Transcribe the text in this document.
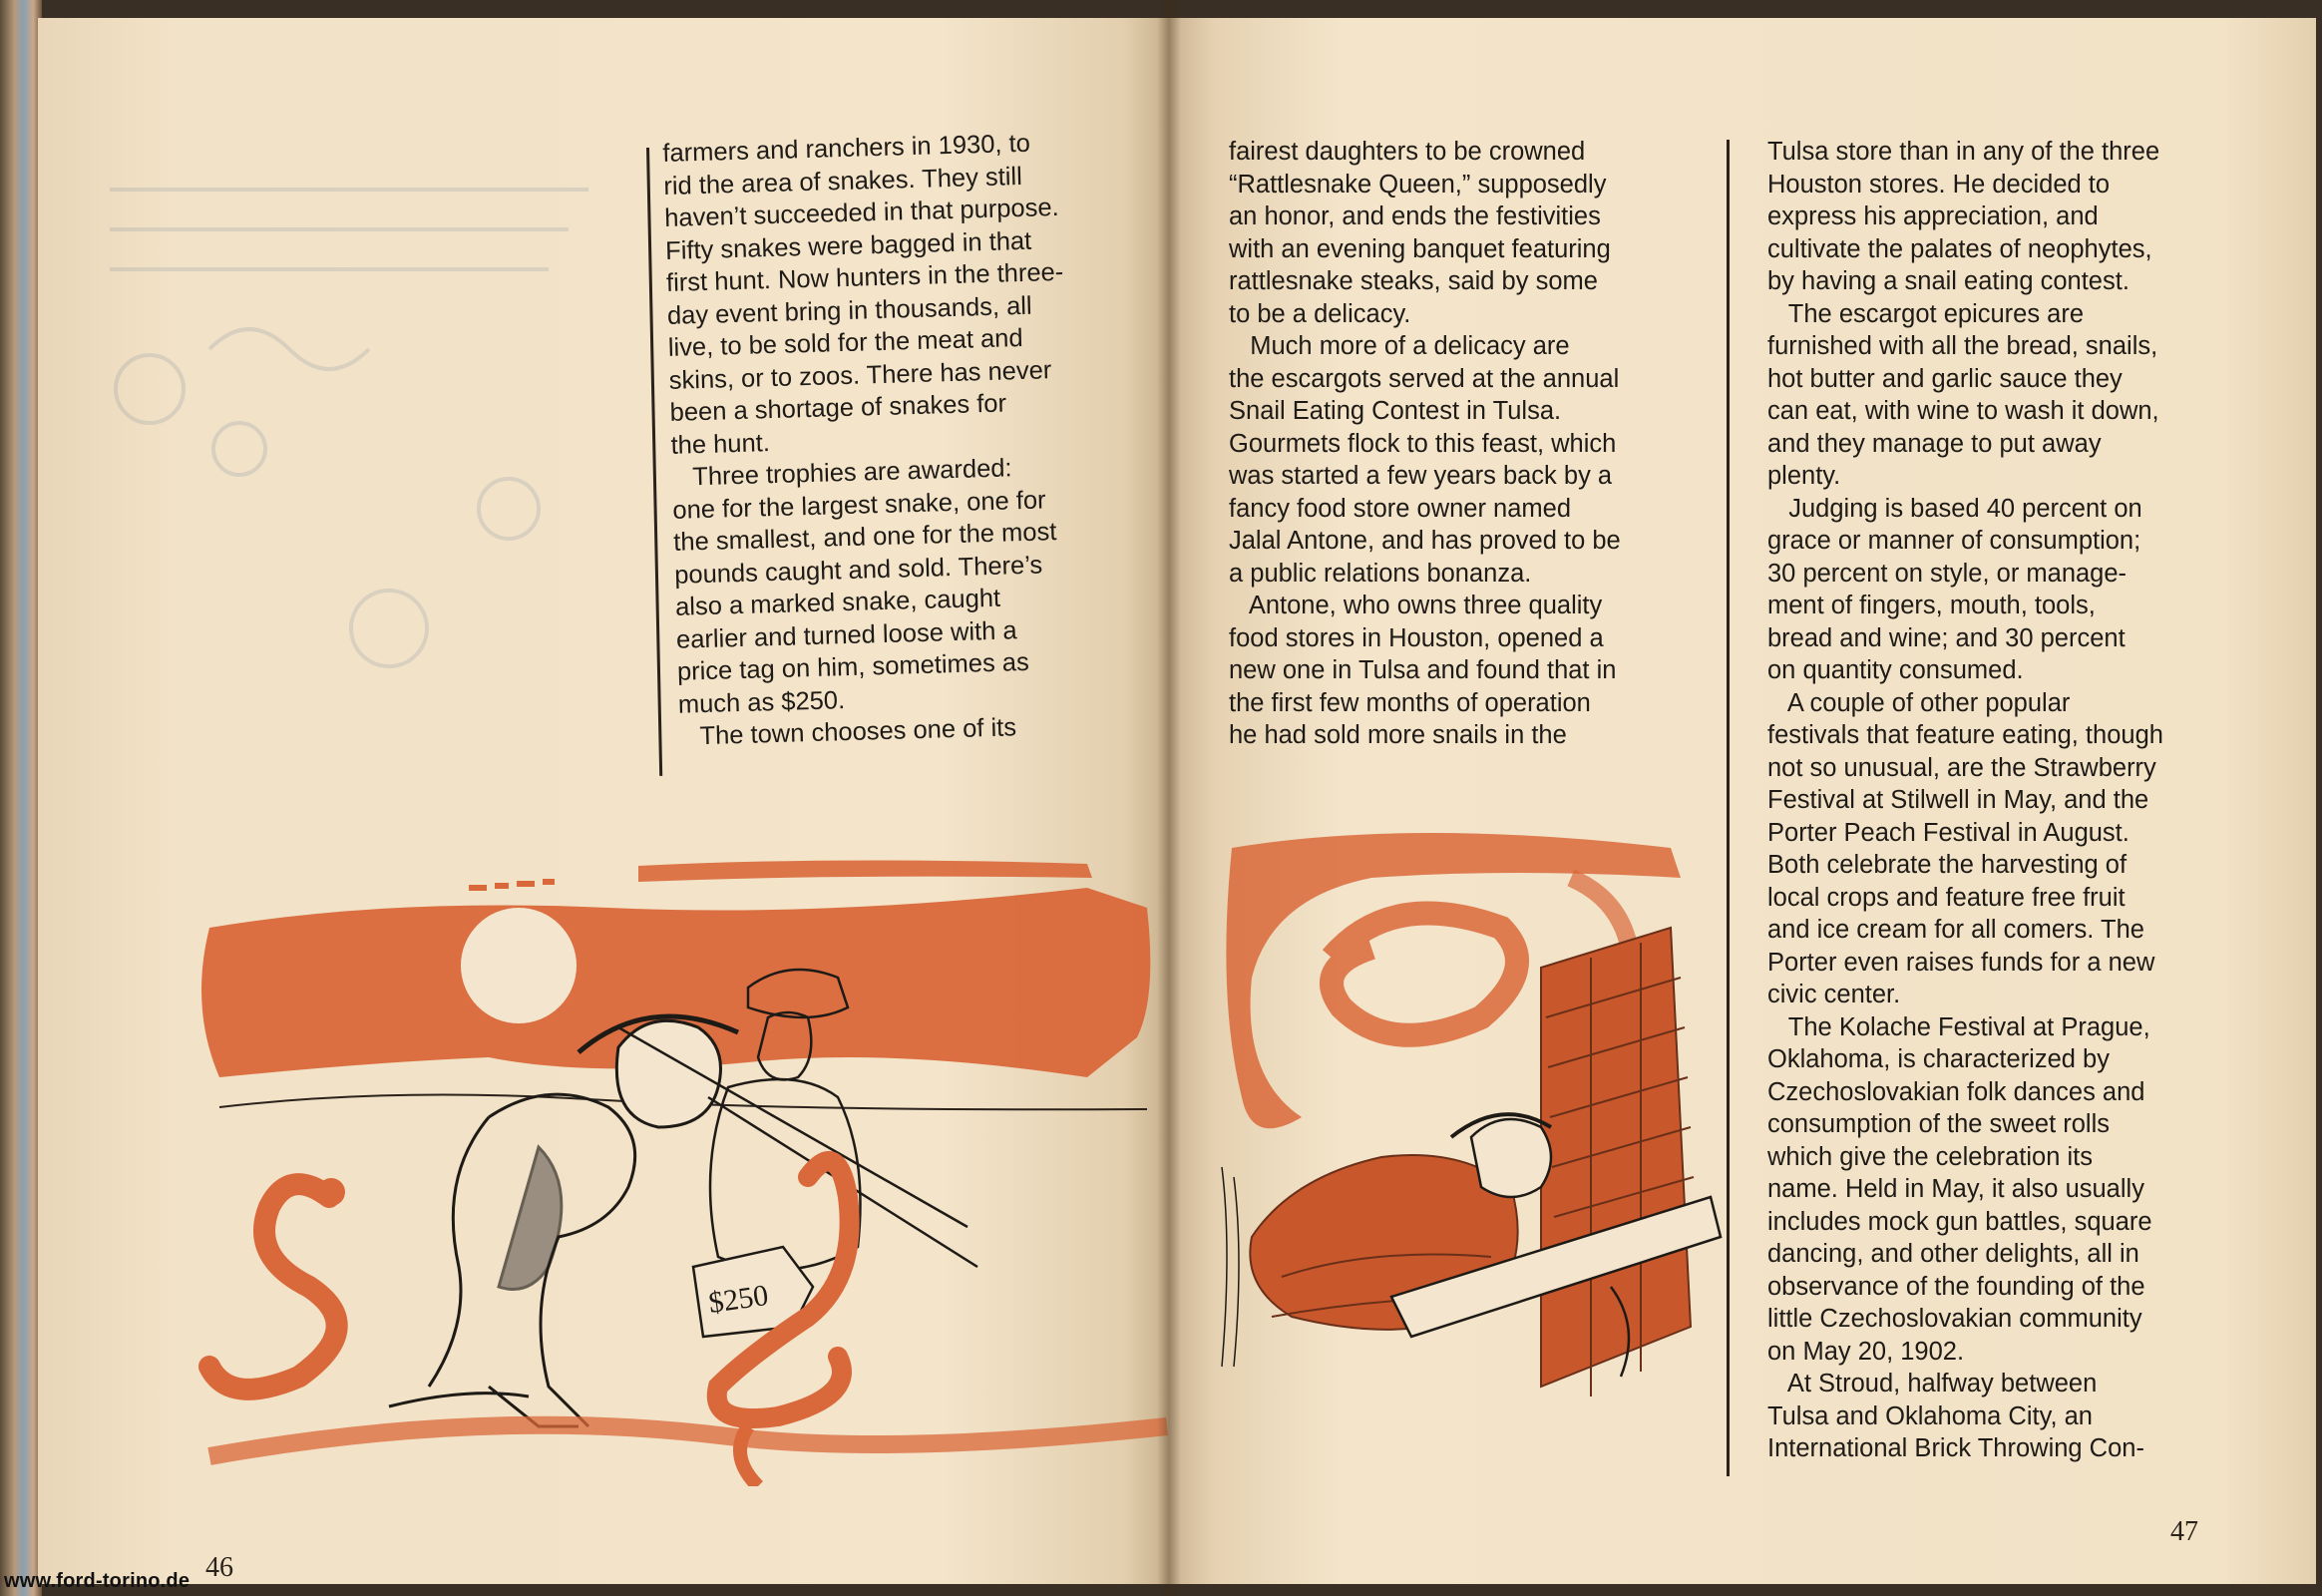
farmers and ranchers in 1930, to
rid the area of snakes. They still
haven’t succeeded in that purpose.
Fifty snakes were bagged in that
first hunt. Now hunters in the three-
day event bring in thousands, all
live, to be sold for the meat and
skins, or to zoos. There has never
been a shortage of snakes for
the hunt.
Three trophies are awarded:
one for the largest snake, one for
the smallest, and one for the most
pounds caught and sold. There’s
also a marked snake, caught
earlier and turned loose with a
price tag on him, sometimes as
much as $250.
The town chooses one of its
$250
46
www.ford-torino.de
fairest daughters to be crowned
“Rattlesnake Queen,” supposedly
an honor, and ends the festivities
with an evening banquet featuring
rattlesnake steaks, said by some
to be a delicacy.
Much more of a delicacy are
the escargots served at the annual
Snail Eating Contest in Tulsa.
Gourmets flock to this feast, which
was started a few years back by a
fancy food store owner named
Jalal Antone, and has proved to be
a public relations bonanza.
Antone, who owns three quality
food stores in Houston, opened a
new one in Tulsa and found that in
the first few months of operation
he had sold more snails in the
Tulsa store than in any of the three
Houston stores. He decided to
express his appreciation, and
cultivate the palates of neophytes,
by having a snail eating contest.
The escargot epicures are
furnished with all the bread, snails,
hot butter and garlic sauce they
can eat, with wine to wash it down,
and they manage to put away
plenty.
Judging is based 40 percent on
grace or manner of consumption;
30 percent on style, or manage-
ment of fingers, mouth, tools,
bread and wine; and 30 percent
on quantity consumed.
A couple of other popular
festivals that feature eating, though
not so unusual, are the Strawberry
Festival at Stilwell in May, and the
Porter Peach Festival in August.
Both celebrate the harvesting of
local crops and feature free fruit
and ice cream for all comers. The
Porter even raises funds for a new
civic center.
The Kolache Festival at Prague,
Oklahoma, is characterized by
Czechoslovakian folk dances and
consumption of the sweet rolls
which give the celebration its
name. Held in May, it also usually
includes mock gun battles, square
dancing, and other delights, all in
observance of the founding of the
little Czechoslovakian community
on May 20, 1902.
At Stroud, halfway between
Tulsa and Oklahoma City, an
International Brick Throwing Con-
47
